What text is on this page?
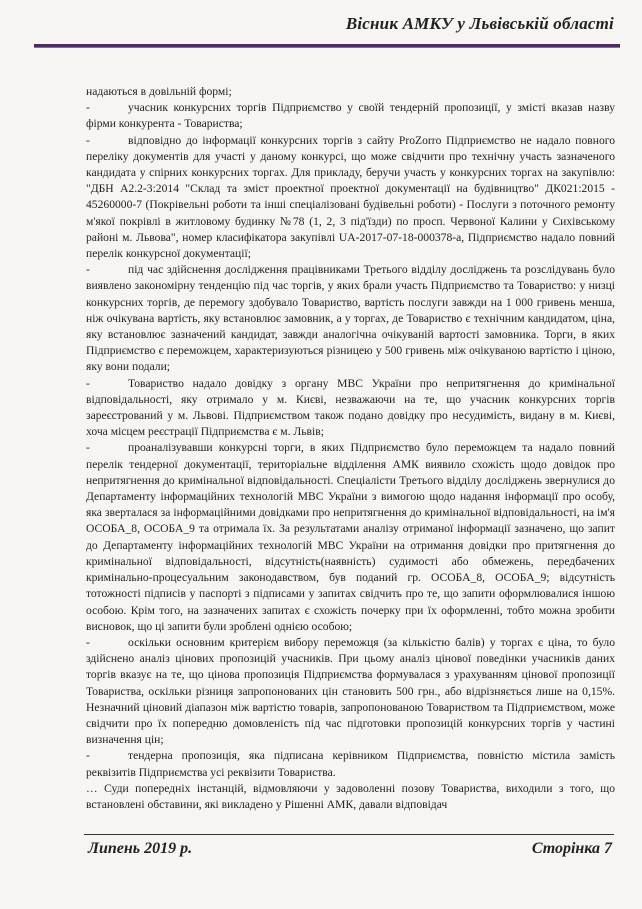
Вісник АМКУ у Львівській області

надаються в довільній формі;

-	учасник конкурсних торгів Підприємство у своїй тендерній пропозиції, у змісті вказав назву фірми конкурента - Товариства;

-	відповідно до інформації конкурсних торгів з сайту ProZorro Підприємство не надало повного переліку документів для участі у даному конкурсі, що може свідчити про технічну участь зазначеного кандидата у спірних конкурсних торгах. Для прикладу, беручи участь у конкурсних торгах на закупівлю: "ДБН А2.2-3:2014 "Склад та зміст проектної проектної документації на будівництво" ДК021:2015 - 45260000-7 (Покрівельні роботи та інші спеціалізовані будівельні роботи) - Послуги з поточного ремонту м'якої покрівлі в житловому будинку №78 (1, 2, 3 під'їзди) по просп. Червоної Калини у Сихівському районі м. Львова", номер класифікатора закупівлі UA-2017-07-18-000378-а, Підприємство надало повний перелік конкурсної документації;

-	під час здійснення дослідження працівниками Третього відділу досліджень та розслідувань було виявлено закономірну тенденцію під час торгів, у яких брали участь Підприємство та Товариство: у низці конкурсних торгів, де перемогу здобувало Товариство, вартість послуги завжди на 1 000 гривень менша, ніж очікувана вартість, яку встановлює замовник, а у торгах, де Товариство є технічним кандидатом, ціна, яку встановлює зазначений кандидат, завжди аналогічна очікуваній вартості замовника. Торги, в яких Підприємство є переможцем, характеризуються різницею у 500 гривень між очікуваною вартістю і ціною, яку вони подали;

-	Товариство надало довідку з органу МВС України про непритягнення до кримінальної відповідальності, яку отримало у м. Києві, незважаючи на те, що учасник конкурсних торгів зареєстрований у м. Львові. Підприємством також подано довідку про несудимість, видану в м. Києві, хоча місцем реєстрації Підприємства є м. Львів;

-	проаналізувавши конкурсні торги, в яких Підприємство було переможцем та надало повний перелік тендерної документації, територіальне відділення АМК виявило схожість щодо довідок про непритягнення до кримінальної відповідальності. Спеціалісти Третього відділу досліджень звернулися до Департаменту інформаційних технологій МВС України з вимогою щодо надання інформації про особу, яка зверталася за інформаційними довідками про непритягнення до кримінальної відповідальності, на ім'я ОСОБА_8, ОСОБА_9 та отримала їх. За результатами аналізу отриманої інформації зазначено, що запит до Департаменту інформаційних технологій МВС України на отримання довідки про притягнення до кримінальної відповідальності, відсутність(наявність) судимості або обмежень, передбачених кримінально-процесуальним законодавством, був поданий гр. ОСОБА_8, ОСОБА_9; відсутність тотожності підписів у паспорті з підписами у запитах свідчить про те, що запити оформлювалися іншою особою. Крім того, на зазначених запитах є схожість почерку при їх оформленні, тобто можна зробити висновок, що ці запити були зроблені однією особою;

-	оскільки основним критерієм вибору переможця (за кількістю балів) у торгах є ціна, то було здійснено аналіз цінових пропозицій учасників. При цьому аналіз цінової поведінки учасників даних торгів вказує на те, що цінова пропозиція Підприємства формувалася з урахуванням цінової пропозиції Товариства, оскільки різниця запропонованих цін становить 500 грн., або відрізняється лише на 0,15%. Незначний ціновий діапазон між вартістю товарів, запропонованою Товариством та Підприємством, може свідчити про їх попередню домовленість під час підготовки пропозицій конкурсних торгів у частині визначення цін;

-	тендерна пропозиція, яка підписана керівником Підприємства, повністю містила замість реквізитів Підприємства усі реквізити Товариства.

… Суди попередніх інстанцій, відмовляючи у задоволенні позову Товариства, виходили з того, що встановлені обставини, які викладено у Рішенні АМК, давали відповідач

Липень 2019 р.	Сторінка 7
